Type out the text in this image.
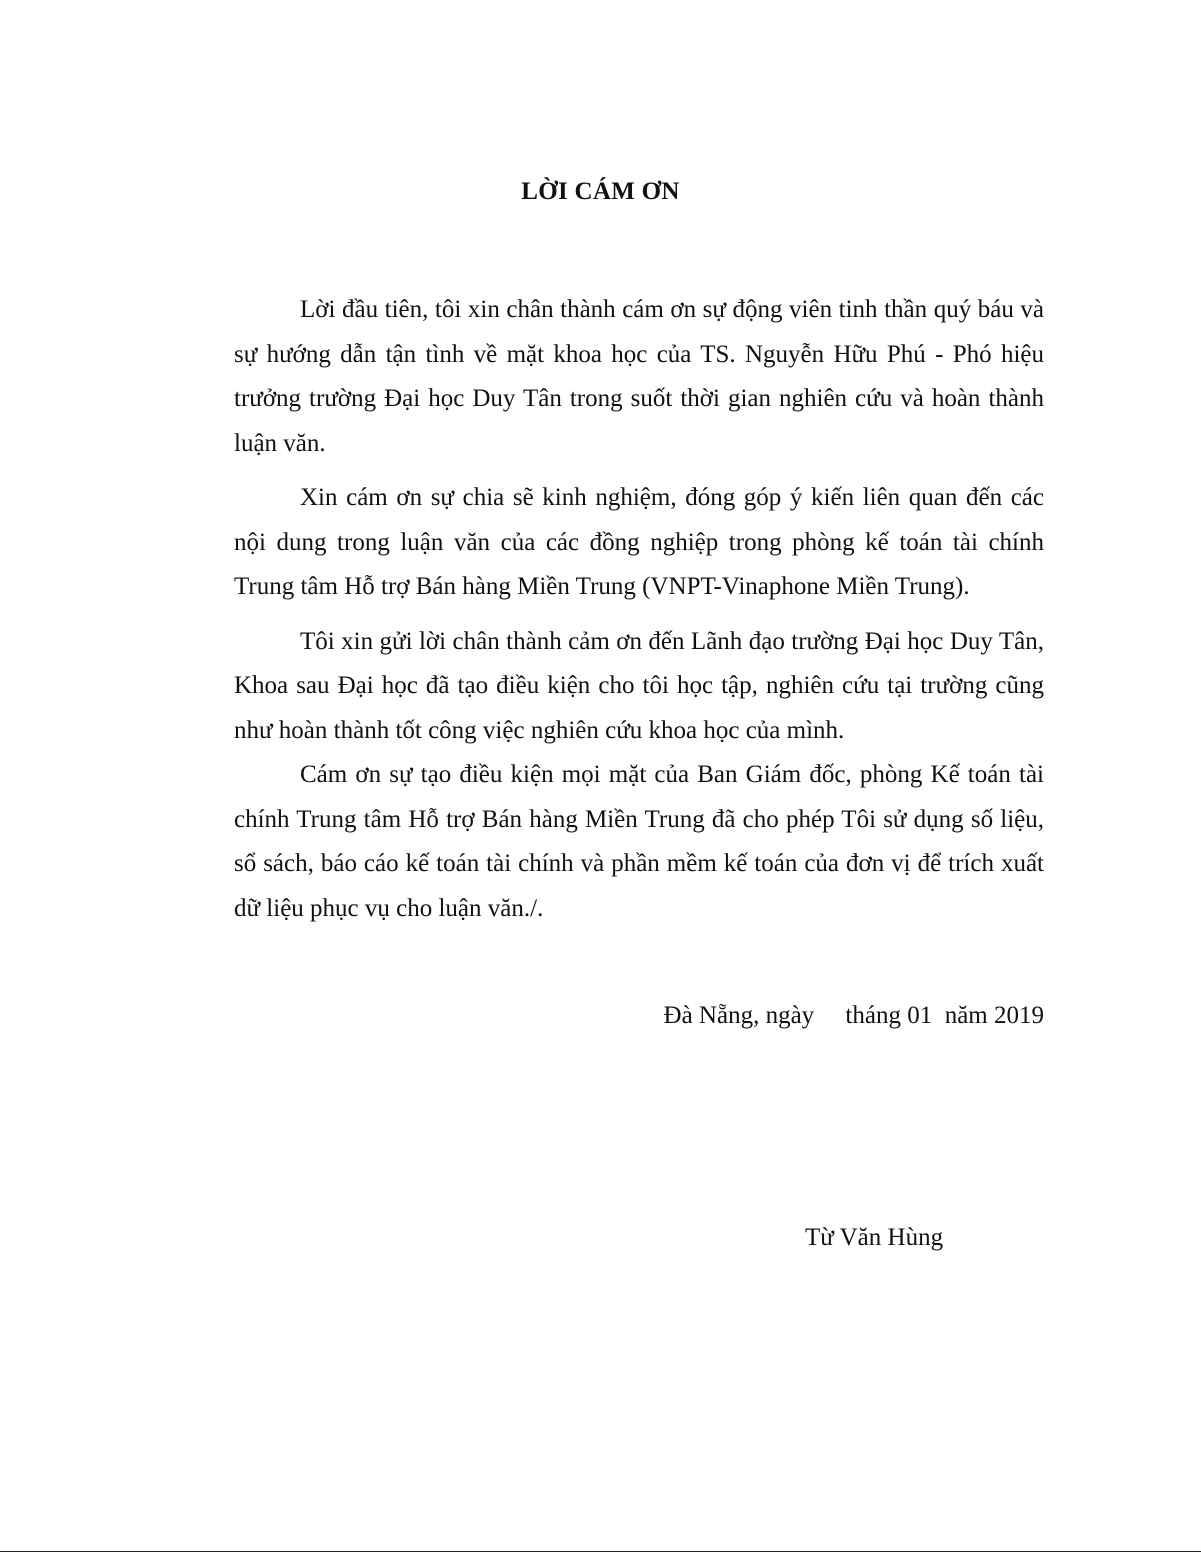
LỜI CÁM ƠN

Lời đầu tiên, tôi xin chân thành cám ơn sự động viên tinh thần quý báu và sự hướng dẫn tận tình về mặt khoa học của TS. Nguyễn Hữu Phú - Phó hiệu trưởng trường Đại học Duy Tân trong suốt thời gian nghiên cứu và hoàn thành luận văn.

Xin cám ơn sự chia sẽ kinh nghiệm, đóng góp ý kiến liên quan đến các nội dung trong luận văn của các đồng nghiệp trong phòng kế toán tài chính Trung tâm Hỗ trợ Bán hàng Miền Trung (VNPT-Vinaphone Miền Trung).

Tôi xin gửi lời chân thành cảm ơn đến Lãnh đạo trường Đại học Duy Tân, Khoa sau Đại học đã tạo điều kiện cho tôi học tập, nghiên cứu tại trường cũng như hoàn thành tốt công việc nghiên cứu khoa học của mình.

Cám ơn sự tạo điều kiện mọi mặt của Ban Giám đốc, phòng Kế toán tài chính Trung tâm Hỗ trợ Bán hàng Miền Trung đã cho phép Tôi sử dụng số liệu, sổ sách, báo cáo kế toán tài chính và phần mềm kế toán của đơn vị để trích xuất dữ liệu phục vụ cho luận văn./.

Đà Nẵng, ngày     tháng 01  năm 2019

Từ Văn Hùng
